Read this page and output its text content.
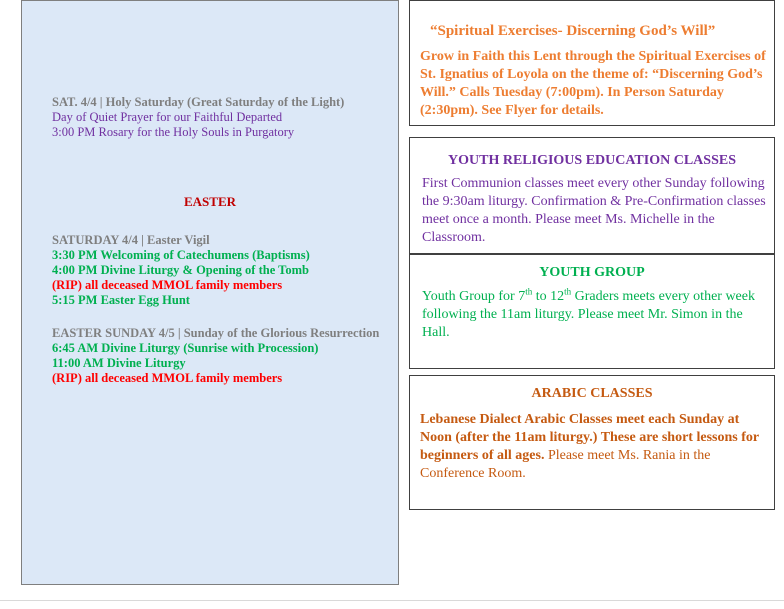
SAT. 4/4 | Holy Saturday (Great Saturday of the Light)

Day of Quiet Prayer for our Faithful Departed

3:00 PM Rosary for the Holy Souls in Purgatory

EASTER

SATURDAY 4/4 | Easter Vigil

3:30 PM Welcoming of Catechumens (Baptisms)

4:00 PM Divine Liturgy & Opening of the Tomb

(RIP) all deceased MMOL family members

5:15 PM Easter Egg Hunt

EASTER SUNDAY 4/5 | Sunday of the Glorious Resurrection

6:45 AM Divine Liturgy (Sunrise with Procession)

11:00 AM Divine Liturgy

(RIP) all deceased MMOL family members

“Spiritual Exercises- Discerning God’s Will”

Grow in Faith this Lent through the Spiritual Exercises of St. Ignatius of Loyola on the theme of: “Discerning God’s Will.” Calls Tuesday (7:00pm). In Person Saturday (2:30pm). See Flyer for details.

YOUTH RELIGIOUS EDUCATION CLASSES

First Communion classes meet every other Sunday following the 9:30am liturgy. Confirmation & Pre-Confirmation classes meet once a month. Please meet Ms. Michelle in the Classroom.

YOUTH GROUP

Youth Group for 7th to 12th Graders meets every other week following the 11am liturgy. Please meet Mr. Simon in the Hall.

ARABIC CLASSES

Lebanese Dialect Arabic Classes meet each Sunday at Noon (after the 11am liturgy.) These are short lessons for beginners of all ages. Please meet Ms. Rania in the Conference Room.
